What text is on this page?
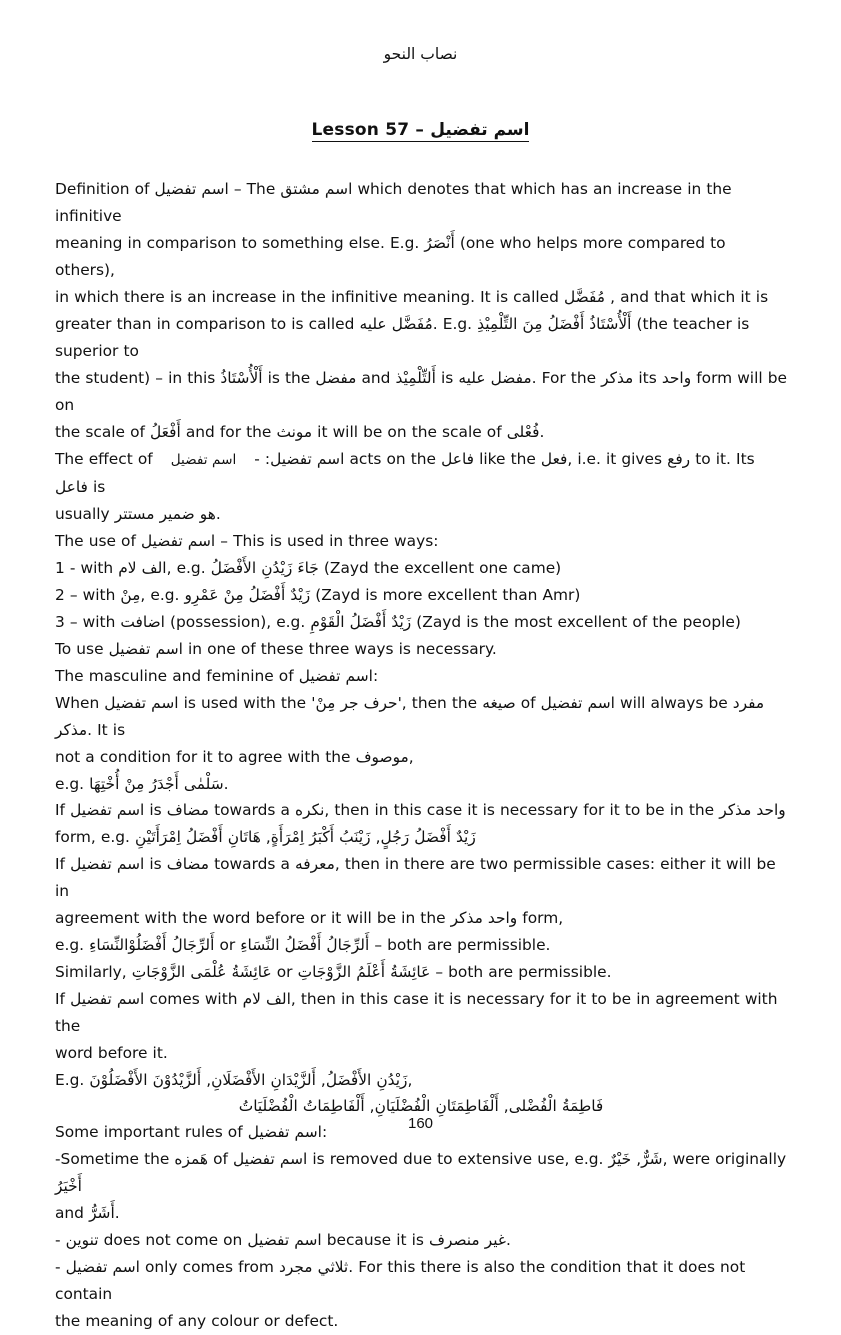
نصاب النحو
Lesson 57 – اسم تفضيل
Definition of اسم تفضيل – The اسم مشتق which denotes that which has an increase in the infinitive
meaning in comparison to something else. E.g. أَنْصَرُ (one who helps more compared to others),
in which there is an increase in the infinitive meaning. It is called مُفَضَّل , and that which it is
greater than in comparison to is called مُفَضَّل عليه. E.g. أَلْأُسْتَاذُ أَفْضَلُ مِنَ التِّلْمِيْذِ (the teacher is superior to
the student) – in this أَلْأُسْتَاذُ is the مفضل and أَلتِّلْمِيْذ is مفضل عليه. For the مذكر its واحد form will be on
the scale of أَفْعَلُ and for the مونث it will be on the scale of فُعْلى.
The effect of اسم تفضيل - :اسم تفضيل acts on the فاعل like the فعل, i.e. it gives رفع to it. Its فاعل is
usually هو ضمير مستتر.
The use of اسم تفضيل – This is used in three ways:
1 - with الف لام, e.g. جَاءَ زَيْدُنِ الأَفْضَلُ (Zayd the excellent one came)
2 – with مِنْ, e.g. زَيْدٌ أَفْضَلُ مِنْ عَمْرِو (Zayd is more excellent than Amr)
3 – with اضافت (possession), e.g. زَيْدٌ أَفْضَلُ الْقَوْمِ (Zayd is the most excellent of the people)
To use اسم تفضيل in one of these three ways is necessary.
The masculine and feminine of اسم تفضيل:
When اسم تفضيل is used with the 'حرف جر مِنْ', then the صيغه of اسم تفضيل will always be مفرد مذكر. It is
not a condition for it to agree with the موصوف,
e.g. سَلْمٰى أَجْدَرُ مِنْ أُخْتِهَا.
If اسم تفضيل is مضاف towards a نكره, then in this case it is necessary for it to be in the واحد مذكر
form, e.g. زَيْدٌ أَفْضَلُ رَجُلٍ, زَيْنَبُ أَكْبَرُ اِمْرَأَةٍ, هَاتَانِ أَفْضَلُ اِمْرَأَتَيْنِ
If اسم تفضيل is مضاف towards a معرفه, then in there are two permissible cases: either it will be in
agreement with the word before or it will be in the واحد مذكر form,
e.g. أَلرِّجَالُ أَفْضَلُوْالنِّسَاءِ or أَلرِّجَالُ أَفْضَلُ النِّسَاءِ – both are permissible.
Similarly, عَائِشَةُ عُلْمَى الزَّوْجَاتِ or عَائِشَةُ أَعْلَمُ الزَّوْجَاتِ – both are permissible.
If اسم تفضيل comes with الف لام, then in this case it is necessary for it to be in agreement with the
word before it.
E.g. زَيْدُنِ الأَفْضَلُ, أَلزَّيْدَانِ الأَفْضَلَانِ, أَلزَّيْدُوْنَ الأَفْضَلُوْنَ,
فَاطِمَةُ الْفُضْلى, أَلْفَاطِمَتَانِ الْفُضْلَيَانِ, أَلْفَاطِمَاتُ الْفُضْلَيَاتُ
Some important rules of اسم تفضيل:
-Sometime the هَمزه of اسم تفضيل is removed due to extensive use, e.g. شَرٌّ, خَيْرٌ, were originally أَخْيَرُ
and أَشَرُّ.
- تنوين does not come on اسم تفضيل because it is غير منصرف.
- اسم تفضيل only comes from ثلاثي مجرد. For this there is also the condition that it does not contain
the meaning of any colour or defect.
160
